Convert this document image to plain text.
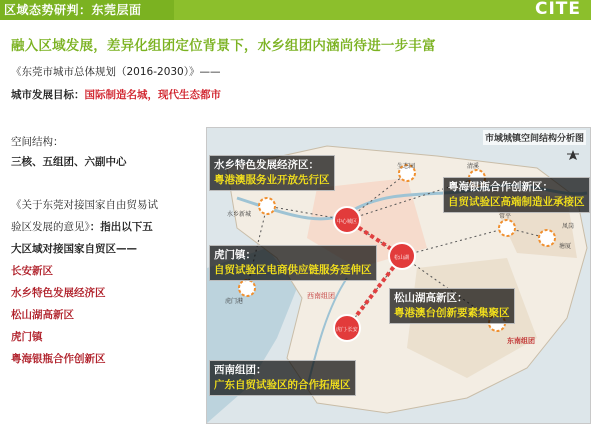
区域态势研判：东莞层面	CITE
融入区域发展，差异化组团定位背景下，水乡组团内涵尚待进一步丰富
《东莞市城市总体规划（2016-2030）》——
城市发展目标：国际制造名城，现代生态都市
空间结构：
三核、五组团、六副中心
《关于东莞对接国家自由贸易试
验区发展的意见》：指出以下五
大区域对接国家自贸区——
长安新区
水乡特色发展经济区
松山湖高新区
虎门镇
粤海银瓶合作创新区
中心城区
松山湖
虎门·长安
水乡新城
东南组团
西南组团
生态园
常平
凤岗
塘厦
清溪
虎门港
市域城镇空间结构分析图
水乡特色发展经济区：
粤港澳服务业开放先行区
粤海银瓶合作创新区：
自贸试验区高端制造业承接区
虎门镇：
自贸试验区电商供应链服务延伸区
松山湖高新区：
粤港澳台创新要素集聚区
西南组团：
广东自贸试验区的合作拓展区
